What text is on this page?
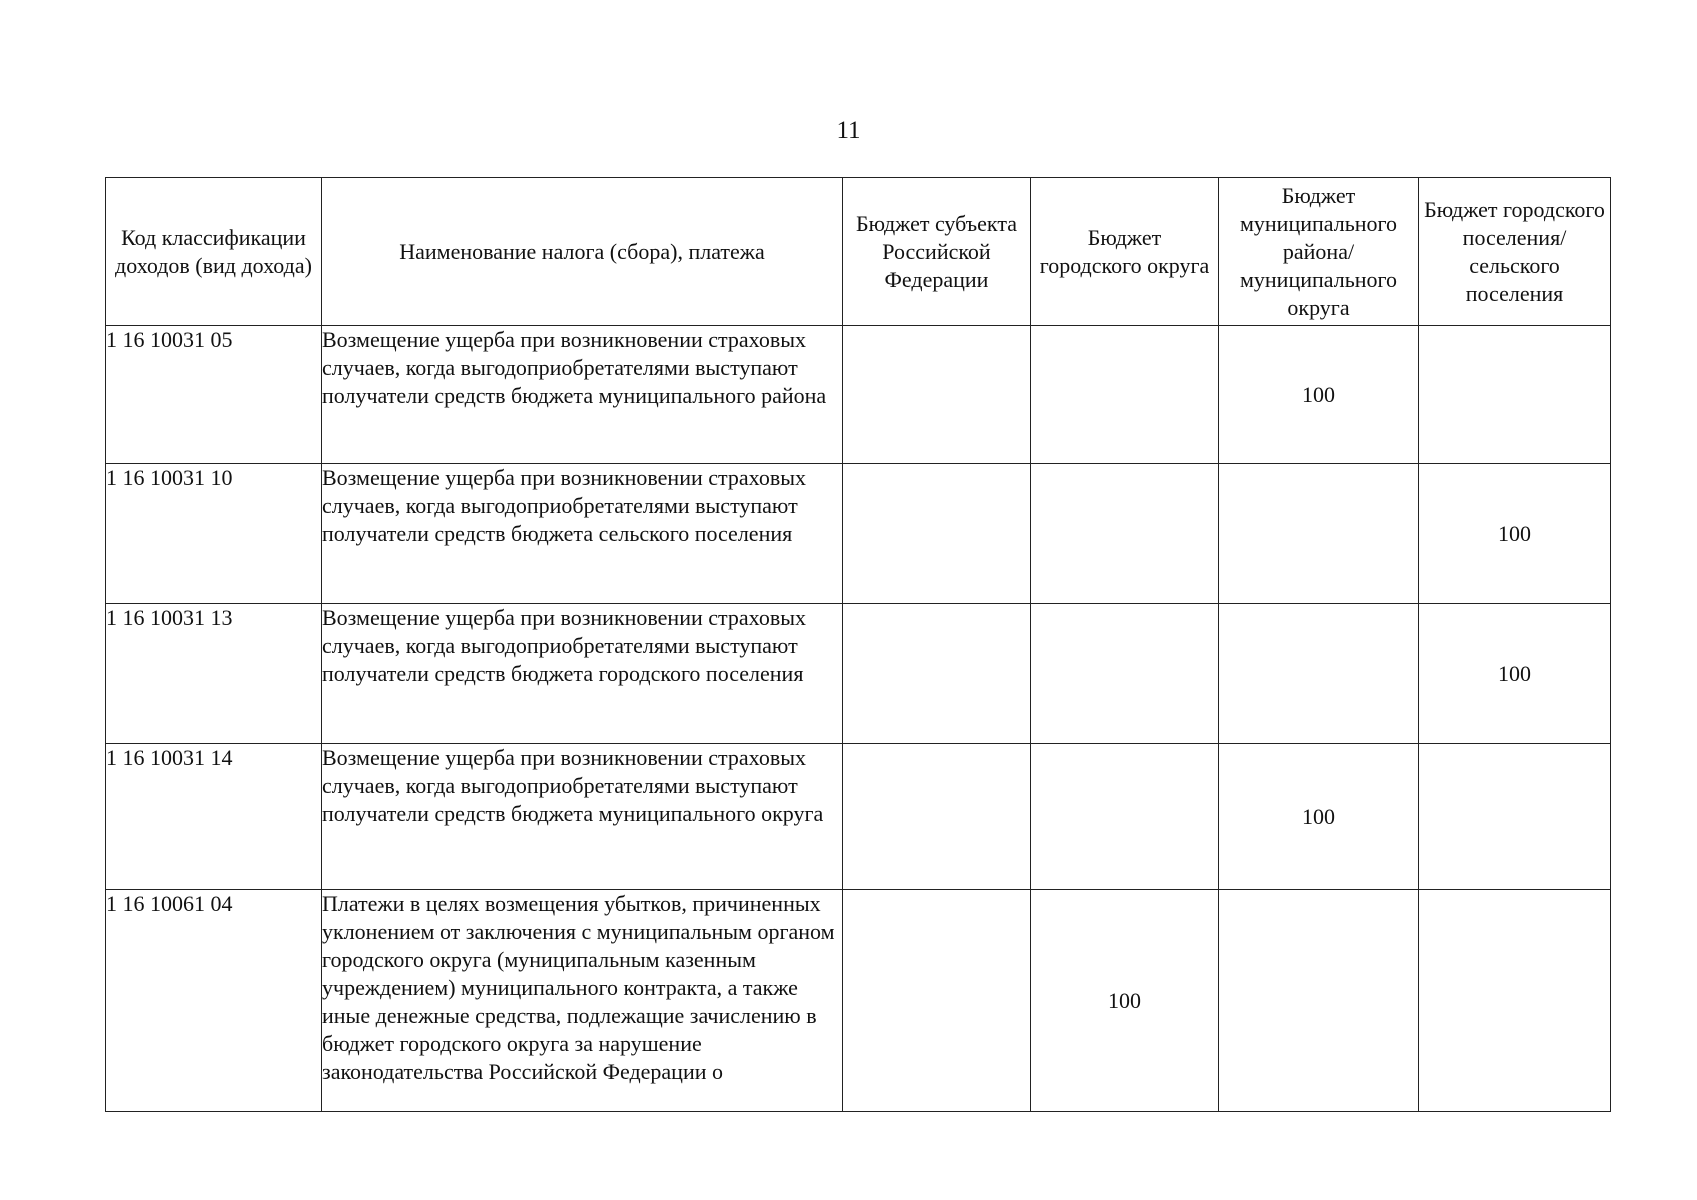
11
Код классификации доходов (вид дохода)	Наименование налога (сбора), платежа	Бюджет субъекта Российской Федерации	Бюджет городского округа	Бюджет муниципального района/ муниципального округа	Бюджет городского поселения/ сельского поселения
1 16 10031 05	Возмещение ущерба при возникновении страховых случаев, когда выгодоприобретателями выступают получатели средств бюджета муниципального района			100	
1 16 10031 10	Возмещение ущерба при возникновении страховых случаев, когда выгодоприобретателями выступают получатели средств бюджета сельского поселения				100
1 16 10031 13	Возмещение ущерба при возникновении страховых случаев, когда выгодоприобретателями выступают получатели средств бюджета городского поселения				100
1 16 10031 14	Возмещение ущерба при возникновении страховых случаев, когда выгодоприобретателями выступают получатели средств бюджета муниципального округа			100	
1 16 10061 04	Платежи в целях возмещения убытков, причиненных уклонением от заключения с муниципальным органом городского округа (муниципальным казенным учреждением) муниципального контракта, а также иные денежные средства, подлежащие зачислению в бюджет городского округа за нарушение законодательства Российской Федерации о		100		
